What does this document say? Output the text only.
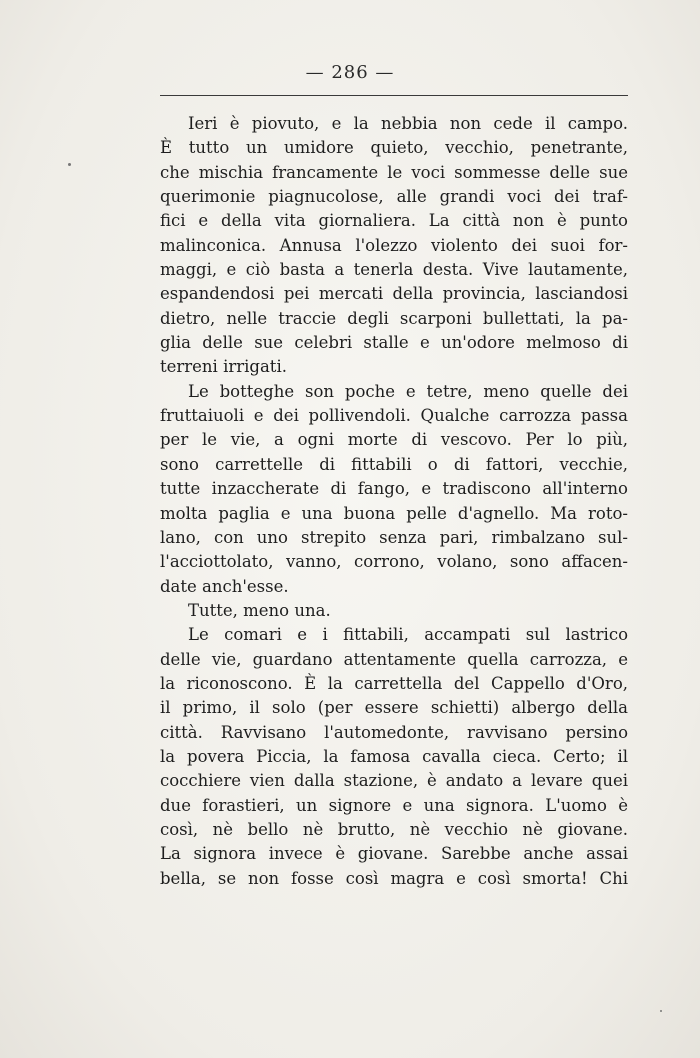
— 286 —
Ieri è piovuto, e la nebbia non cede il campo.
È tutto un umidore quieto, vecchio, penetrante,
che mischia francamente le voci sommesse delle sue
querimonie piagnucolose, alle grandi voci dei traf-
fici e della vita giornaliera. La città non è punto
malinconica. Annusa l'olezzo violento dei suoi for-
maggi, e ciò basta a tenerla desta. Vive lautamente,
espandendosi pei mercati della provincia, lasciandosi
dietro, nelle traccie degli scarponi bullettati, la pa-
glia delle sue celebri stalle e un'odore melmoso di
terreni irrigati.
Le botteghe son poche e tetre, meno quelle dei
fruttaiuoli e dei pollivendoli. Qualche carrozza passa
per le vie, a ogni morte di vescovo. Per lo più,
sono carrettelle di fittabili o di fattori, vecchie,
tutte inzaccherate di fango, e tradiscono all'interno
molta paglia e una buona pelle d'agnello. Ma roto-
lano, con uno strepito senza pari, rimbalzano sul-
l'acciottolato, vanno, corrono, volano, sono affacen-
date anch'esse.
Tutte, meno una.
Le comari e i fittabili, accampati sul lastrico
delle vie, guardano attentamente quella carrozza, e
la riconoscono. È la carrettella del Cappello d'Oro,
il primo, il solo (per essere schietti) albergo della
città. Ravvisano l'automedonte, ravvisano persino
la povera Piccia, la famosa cavalla cieca. Certo; il
cocchiere vien dalla stazione, è andato a levare quei
due forastieri, un signore e una signora. L'uomo è
così, nè bello nè brutto, nè vecchio nè giovane.
La signora invece è giovane. Sarebbe anche assai
bella, se non fosse così magra e così smorta! Chi
